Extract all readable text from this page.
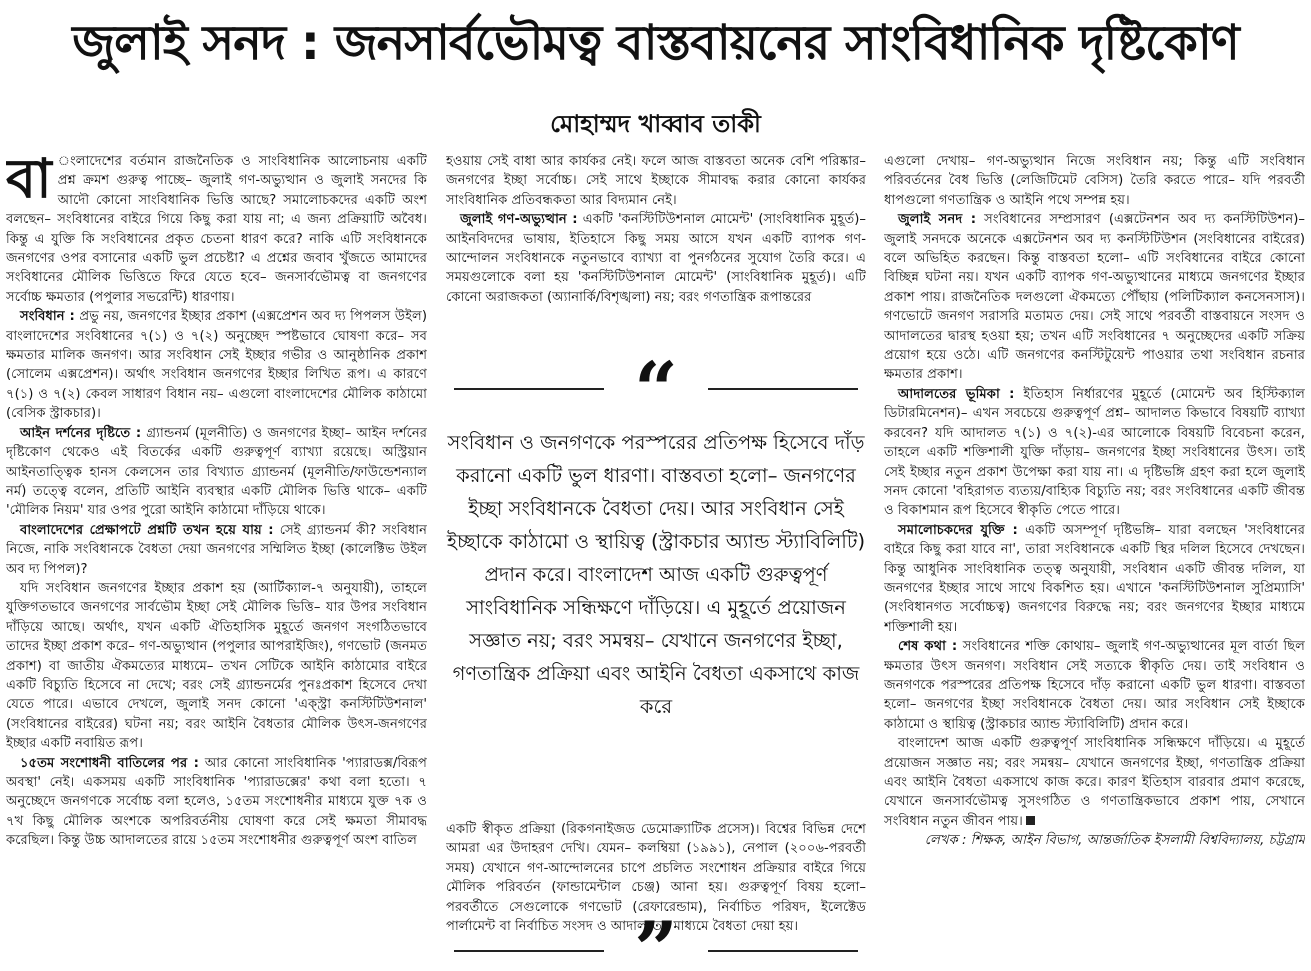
জুলাই সনদ : জনসার্বভৌমত্ব বাস্তবায়নের সাংবিধানিক দৃষ্টিকোণ
মোহাম্মদ খাব্বাব তাকী

বা ংলাদেশের বর্তমান রাজনৈতিক ও সাংবিধানিক আলোচনায় একটি প্রশ্ন ক্রমশ গুরুত্ব পাচ্ছে– জুলাই গণ-অভ্যুত্থান ও জুলাই সনদের কি আদৌ কোনো সাংবিধানিক ভিত্তি আছে? সমালোচকদের একটি অংশ বলছেন– সংবিধানের বাইরে গিয়ে কিছু করা যায় না; এ জন্য প্রক্রিয়াটি অবৈধ। কিন্তু এ যুক্তি কি সংবিধানের প্রকৃত চেতনা ধারণ করে? নাকি এটি সংবিধানকে জনগণের ওপর বসানোর একটি ভুল প্রচেষ্টা? এ প্রশ্নের জবাব খুঁজতে আমাদের সংবিধানের মৌলিক ভিত্তিতে ফিরে যেতে হবে– জনসার্বভৌমত্ব বা জনগণের সর্বোচ্চ ক্ষমতার (পপুলার সভরেন্টি) ধারণায়।

সংবিধান : প্রভু নয়, জনগণের ইচ্ছার প্রকাশ (এক্সপ্রেশন অব দ্য পিপলস উইল) বাংলাদেশের সংবিধানের ৭(১) ও ৭(২) অনুচ্ছেদ স্পষ্টভাবে ঘোষণা করে– সব ক্ষমতার মালিক জনগণ। আর সংবিধান সেই ইচ্ছার গভীর ও আনুষ্ঠানিক প্রকাশ (সোলেম এক্সপ্রেশন)। অর্থাৎ সংবিধান জনগণের ইচ্ছার লিখিত রূপ। এ কারণে ৭(১) ও ৭(২) কেবল সাধারণ বিধান নয়– এগুলো বাংলাদেশের মৌলিক কাঠামো (বেসিক স্ট্রাকচার)।

আইন দর্শনের দৃষ্টিতে : গ্র্যান্ডনর্ম (মূলনীতি) ও জনগণের ইচ্ছা– আইন দর্শনের দৃষ্টিকোণ থেকেও এই বিতর্কের একটি গুরুত্বপূর্ণ ব্যাখ্যা রয়েছে। অস্ট্রিয়ান আইনতাত্ত্বিক হানস কেলসেন তার বিখ্যাত গ্র্যান্ডনর্ম (মূলনীতি/ফাউন্ডেশন্যাল নর্ম) তত্ত্বে বলেন, প্রতিটি আইনি ব্যবস্থার একটি মৌলিক ভিত্তি থাকে– একটি 'মৌলিক নিয়ম' যার ওপর পুরো আইনি কাঠামো দাঁড়িয়ে থাকে।

বাংলাদেশের প্রেক্ষাপটে প্রশ্নটি তখন হয়ে যায় : সেই গ্র্যান্ডনর্ম কী? সংবিধান নিজে, নাকি সংবিধানকে বৈধতা দেয়া জনগণের সম্মিলিত ইচ্ছা (কালেক্টিভ উইল অব দ্য পিপল)?

যদি সংবিধান জনগণের ইচ্ছার প্রকাশ হয় (আর্টিক্যাল-৭ অনুযায়ী), তাহলে যুক্তিগতভাবে জনগণের সার্বভৌম ইচ্ছা সেই মৌলিক ভিত্তি– যার উপর সংবিধান দাঁড়িয়ে আছে। অর্থাৎ, যখন একটি ঐতিহাসিক মুহূর্তে জনগণ সংগঠিতভাবে তাদের ইচ্ছা প্রকাশ করে– গণ-অভ্যুত্থান (পপুলার আপরাইজিং), গণভোট (জনমত প্রকাশ) বা জাতীয় ঐকমত্যের মাধ্যমে– তখন সেটিকে আইনি কাঠামোর বাইরে একটি বিচ্যুতি হিসেবে না দেখে; বরং সেই গ্র্যান্ডনর্মের পুনঃপ্রকাশ হিসেবে দেখা যেতে পারে। এভাবে দেখলে, জুলাই সনদ কোনো 'এক্স্ট্রা কনস্টিটিউশনাল' (সংবিধানের বাইরের) ঘটনা নয়; বরং আইনি বৈধতার মৌলিক উৎস-জনগণের ইচ্ছার একটি নবায়িত রূপ।

১৫তম সংশোধনী বাতিলের পর : আর কোনো সাংবিধানিক 'প্যারাডক্স/বিরূপ অবস্থা' নেই। একসময় একটি সাংবিধানিক 'প্যারাডক্সের' কথা বলা হতো। ৭ অনুচ্ছেদে জনগণকে সর্বোচ্চ বলা হলেও, ১৫তম সংশোধনীর মাধ্যমে যুক্ত ৭ক ও ৭খ কিছু মৌলিক অংশকে অপরিবর্তনীয় ঘোষণা করে সেই ক্ষমতা সীমাবদ্ধ করেছিল। কিন্তু উচ্চ আদালতের রায়ে ১৫তম সংশোধনীর গুরুত্বপূর্ণ অংশ বাতিল

হওয়ায় সেই বাধা আর কার্যকর নেই। ফলে আজ বাস্তবতা অনেক বেশি পরিষ্কার– জনগণের ইচ্ছা সর্বোচ্চ। সেই সাথে ইচ্ছাকে সীমাবদ্ধ করার কোনো কার্যকর সাংবিধানিক প্রতিবন্ধকতা আর বিদ্যমান নেই।

জুলাই গণ-অভ্যুত্থান : একটি 'কনস্টিটিউশনাল মোমেন্ট' (সাংবিধানিক মুহূর্ত)– আইনবিদদের ভাষায়, ইতিহাসে কিছু সময় আসে যখন একটি ব্যাপক গণ-আন্দোলন সংবিধানকে নতুনভাবে ব্যাখ্যা বা পুনর্গঠনের সুযোগ তৈরি করে। এ সময়গুলোকে বলা হয় 'কনস্টিটিউশনাল মোমেন্ট' (সাংবিধানিক মুহূর্ত)। এটি কোনো অরাজকতা (অ্যানার্কি/বিশৃঙ্খলা) নয়; বরং গণতান্ত্রিক রূপান্তরের

“
সংবিধান ও জনগণকে পরস্পরের প্রতিপক্ষ হিসেবে দাঁড় করানো একটি ভুল ধারণা। বাস্তবতা হলো– জনগণের ইচ্ছা সংবিধানকে বৈধতা দেয়। আর সংবিধান সেই ইচ্ছাকে কাঠামো ও স্থায়িত্ব (স্ট্রাকচার অ্যান্ড স্ট্যাবিলিটি) প্রদান করে। বাংলাদেশ আজ একটি গুরুত্বপূর্ণ সাংবিধানিক সন্ধিক্ষণে দাঁড়িয়ে। এ মুহূর্তে প্রয়োজন সজ্ঞাত নয়; বরং সমন্বয়– যেখানে জনগণের ইচ্ছা, গণতান্ত্রিক প্রক্রিয়া এবং আইনি বৈধতা একসাথে কাজ করে
”

একটি স্বীকৃত প্রক্রিয়া (রিকগনাইজড ডেমোক্র্যাটিক প্রসেস)। বিশ্বের বিভিন্ন দেশে আমরা এর উদাহরণ দেখি। যেমন– কলম্বিয়া (১৯৯১), নেপাল (২০০৬-পরবর্তী সময়) যেখানে গণ-আন্দোলনের চাপে প্রচলিত সংশোধন প্রক্রিয়ার বাইরে গিয়ে মৌলিক পরিবর্তন (ফান্ডামেন্টাল চেঞ্জ) আনা হয়। গুরুত্বপূর্ণ বিষয় হলো– পরবর্তীতে সেগুলোকে গণভোট (রেফারেন্ডাম), নির্বাচিত পরিষদ, ইলেক্টেড পার্লামেন্ট বা নির্বাচিত সংসদ ও আদালতের মাধ্যমে বৈধতা দেয়া হয়।

এগুলো দেখায়– গণ-অভ্যুত্থান নিজে সংবিধান নয়; কিন্তু এটি সংবিধান পরিবর্তনের বৈধ ভিত্তি (লেজিটিমেট বেসিস) তৈরি করতে পারে– যদি পরবর্তী ধাপগুলো গণতান্ত্রিক ও আইনি পথে সম্পন্ন হয়।

জুলাই সনদ : সংবিধানের সম্প্রসারণ (এক্সটেনশন অব দ্য কনস্টিটিউশন)– জুলাই সনদকে অনেকে এক্সটেনশন অব দ্য কনস্টিটিউশন (সংবিধানের বাইরের) বলে অভিহিত করছেন। কিন্তু বাস্তবতা হলো– এটি সংবিধানের বাইরে কোনো বিচ্ছিন্ন ঘটনা নয়। যখন একটি ব্যাপক গণ-অভ্যুত্থানের মাধ্যমে জনগণের ইচ্ছার প্রকাশ পায়। রাজনৈতিক দলগুলো ঐকমত্যে পৌঁছায় (পলিটিক্যাল কনসেনসাস)। গণভোটে জনগণ সরাসরি মতামত দেয়। সেই সাথে পরবর্তী বাস্তবায়নে সংসদ ও আদালতের দ্বারস্থ হওয়া হয়; তখন এটি সংবিধানের ৭ অনুচ্ছেদের একটি সক্রিয় প্রয়োগ হয়ে ওঠে। এটি জনগণের কনস্টিটুয়েন্ট পাওয়ার তথা সংবিধান রচনার ক্ষমতার প্রকাশ।

আদালতের ভূমিকা : ইতিহাস নির্ধারণের মুহূর্তে (মোমেন্ট অব হিস্টিক্যাল ডিটারমিনেশন)– এখন সবচেয়ে গুরুত্বপূর্ণ প্রশ্ন– আদালত কিভাবে বিষয়টি ব্যাখ্যা করবেন? যদি আদালত ৭(১) ও ৭(২)-এর আলোকে বিষয়টি বিবেচনা করেন, তাহলে একটি শক্তিশালী যুক্তি দাঁড়ায়– জনগণের ইচ্ছা সংবিধানের উৎস। তাই সেই ইচ্ছার নতুন প্রকাশ উপেক্ষা করা যায় না। এ দৃষ্টিভঙ্গি গ্রহণ করা হলে জুলাই সনদ কোনো 'বহিরাগত ব্যত্যয়/বাহ্যিক বিচ্যুতি নয়; বরং সংবিধানের একটি জীবন্ত ও বিকাশমান রূপ হিসেবে স্বীকৃতি পেতে পারে।

সমালোচকদের যুক্তি : একটি অসম্পূর্ণ দৃষ্টিভঙ্গি– যারা বলছেন 'সংবিধানের বাইরে কিছু করা যাবে না', তারা সংবিধানকে একটি স্থির দলিল হিসেবে দেখছেন। কিন্তু আধুনিক সাংবিধানিক তত্ত্ব অনুযায়ী, সংবিধান একটি জীবন্ত দলিল, যা জনগণের ইচ্ছার সাথে সাথে বিকশিত হয়। এখানে 'কনস্টিটিউশনাল সুপ্রিম্যাসি' (সংবিধানগত সর্বোচ্চত্ব) জনগণের বিরুদ্ধে নয়; বরং জনগণের ইচ্ছার মাধ্যমে শক্তিশালী হয়।

শেষ কথা : সংবিধানের শক্তি কোথায়– জুলাই গণ-অভ্যুত্থানের মূল বার্তা ছিল ক্ষমতার উৎস জনগণ। সংবিধান সেই সত্যকে স্বীকৃতি দেয়। তাই সংবিধান ও জনগণকে পরস্পরের প্রতিপক্ষ হিসেবে দাঁড় করানো একটি ভুল ধারণা। বাস্তবতা হলো– জনগণের ইচ্ছা সংবিধানকে বৈধতা দেয়। আর সংবিধান সেই ইচ্ছাকে কাঠামো ও স্থায়িত্ব (স্ট্রাকচার অ্যান্ড স্ট্যাবিলিটি) প্রদান করে।

বাংলাদেশ আজ একটি গুরুত্বপূর্ণ সাংবিধানিক সন্ধিক্ষণে দাঁড়িয়ে। এ মুহূর্তে প্রয়োজন সজ্ঞাত নয়; বরং সমন্বয়– যেখানে জনগণের ইচ্ছা, গণতান্ত্রিক প্রক্রিয়া এবং আইনি বৈধতা একসাথে কাজ করে। কারণ ইতিহাস বারবার প্রমাণ করেছে, যেখানে জনসার্বভৌমত্ব সুসংগঠিত ও গণতান্ত্রিকভাবে প্রকাশ পায়, সেখানে সংবিধান নতুন জীবন পায়।

লেখক : শিক্ষক, আইন বিভাগ, আন্তর্জাতিক ইসলামী বিশ্ববিদ্যালয়, চট্টগ্রাম
